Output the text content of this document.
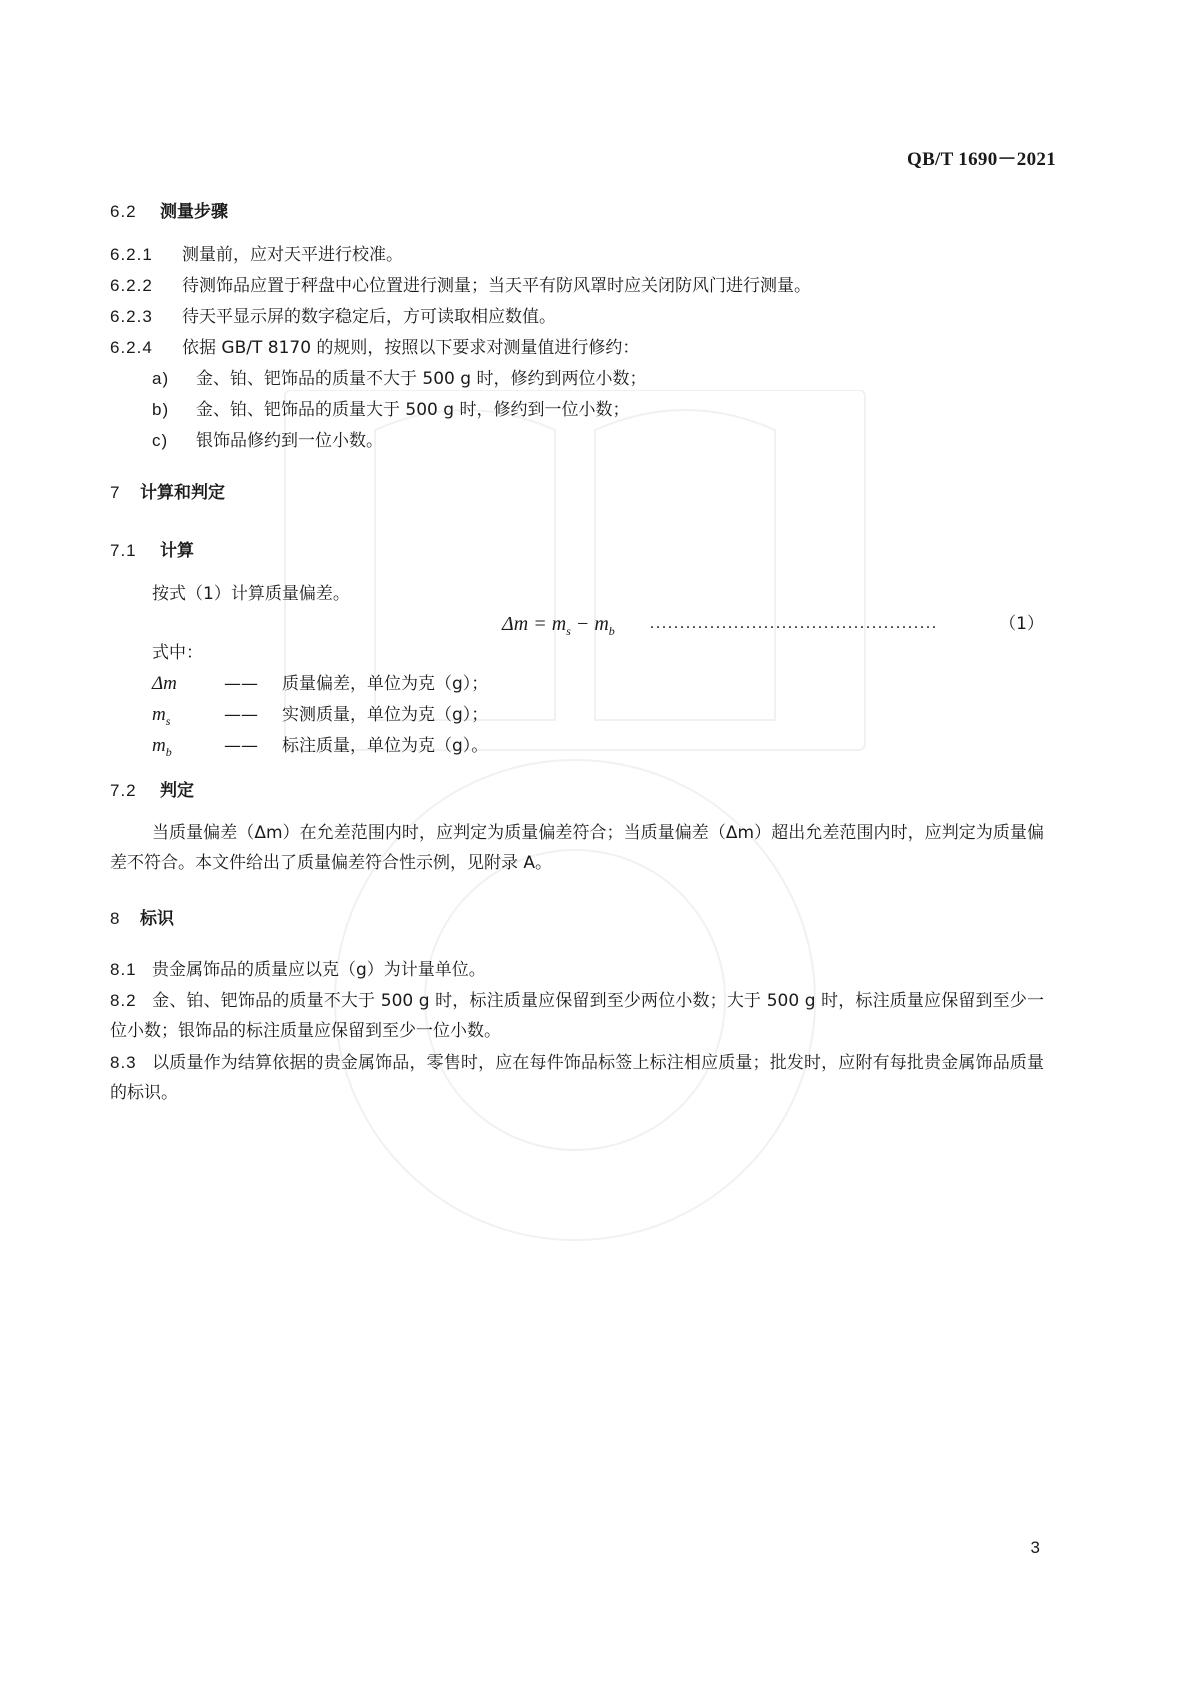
QB/T 1690－2021
6.2 测量步骤
6.2.1 测量前，应对天平进行校准。
6.2.2 待测饰品应置于秤盘中心位置进行测量；当天平有防风罩时应关闭防风门进行测量。
6.2.3 待天平显示屏的数字稳定后，方可读取相应数值。
6.2.4 依据 GB/T 8170 的规则，按照以下要求对测量值进行修约：
a) 金、铂、钯饰品的质量不大于 500 g 时，修约到两位小数；
b) 金、铂、钯饰品的质量大于 500 g 时，修约到一位小数；
c) 银饰品修约到一位小数。
7 计算和判定
7.1 计算
按式（1）计算质量偏差。
$\Delta m = m_s - m_b$ ................................................	（1）
式中：
Δm	—— 质量偏差，单位为克（g）；
$m_s$	—— 实测质量，单位为克（g）；
$m_b$	—— 标注质量，单位为克（g）。
7.2 判定
当质量偏差（Δm）在允差范围内时，应判定为质量偏差符合；当质量偏差（Δm）超出允差范围内时，应判定为质量偏差不符合。本文件给出了质量偏差符合性示例，见附录 A。
8 标识
8.1 贵金属饰品的质量应以克（g）为计量单位。
8.2 金、铂、钯饰品的质量不大于 500 g 时，标注质量应保留到至少两位小数；大于 500 g 时，标注质量应保留到至少一位小数；银饰品的标注质量应保留到至少一位小数。
8.3 以质量作为结算依据的贵金属饰品，零售时，应在每件饰品标签上标注相应质量；批发时，应附有每批贵金属饰品质量的标识。
3
